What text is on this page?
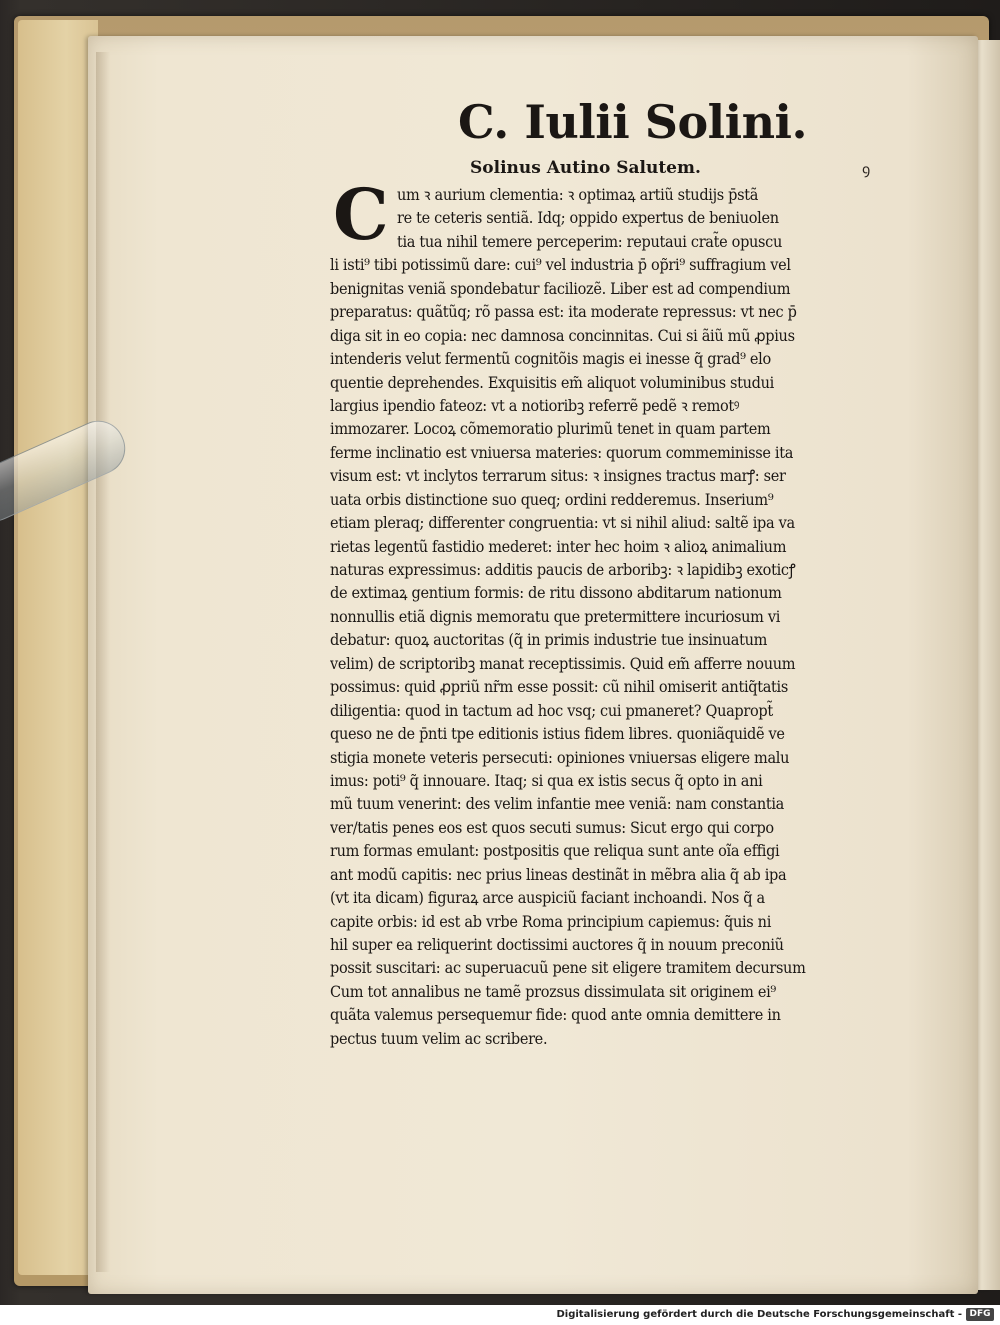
C. Iulii Solini.

Solinus Autino Salutem.	ꝯ

C um ꝛ aurium clementia: ꝛ optimaꝝ artiũ studijs p̄stã
re te ceteris sentiã. Idq; oppido expertus de beniuolen
tia tua nihil temere perceperim: reputaui crat̃e opuscu
li isti⁹ tibi potissimũ dare: cui⁹ vel industria p̄ op̃ri⁹ suffragium vel
benignitas veniã spondebatur faciliozẽ. Liber est ad compendium
preparatus: quãtũq; rõ passa est: ita moderate repressus: vt nec p̄
diga sit in eo copia: nec damnosa concinnitas. Cui si ãiũ mũ ꝓpius
intenderis velut fermentũ cognitõis magis ei inesse q̃ grad⁹ elo
quentie deprehendes. Exquisitis em̃ aliquot voluminibus studui
largius ipendio fateoz: vt a notioribꝫ referrẽ pedẽ ꝛ remotꝰ
immozarer. Locoꝝ cõmemoratio plurimũ tenet in quam partem
ferme inclinatio est vniuersa materies: quorum commeminisse ita
visum est: vt inclytos terrarum situs: ꝛ insignes tractus marꝭ: ser
uata orbis distinctione suo queq; ordini redderemus. Inserium⁹
etiam pleraq; differenter congruentia: vt si nihil aliud: saltẽ ipa va
rietas legentũ fastidio mederet: inter hec hoim ꝛ alioꝝ animalium
naturas expressimus: additis paucis de arboribꝫ: ꝛ lapidibꝫ exoticꝭ
de extimaꝝ gentium formis: de ritu dissono abditarum nationum
nonnullis etiã dignis memoratu que pretermittere incuriosum vi
debatur: quoꝝ auctoritas (q̃ in primis industrie tue insinuatum
velim) de scriptoribꝫ manat receptissimis. Quid em̃ afferre nouum
possimus: quid ꝓpriũ nr̃m esse possit: cũ nihil omiserit antiq̃tatis
diligentia: quod in tactum ad hoc vsq; cui pmaneret? Quapropt̃
queso ne de p̄nti tpe editionis istius fidem libres. quoniãquidẽ ve
stigia monete veteris persecuti: opiniones vniuersas eligere malu
imus: poti⁹ q̃ innouare. Itaq; si qua ex istis secus q̃ opto in ani
mũ tuum venerint: des velim infantie mee veniã: nam constantia
ver/tatis penes eos est quos secuti sumus: Sicut ergo qui corpo
rum formas emulant: postpositis que reliqua sunt ante oĩa effigi
ant modũ capitis: nec prius lineas destinãt in mẽbra alia q̃ ab ipa
(vt ita dicam) figuraꝝ arce auspiciũ faciant inchoandi. Nos q̃ a
capite orbis: id est ab vrbe Roma principium capiemus: q̃uis ni
hil super ea reliquerint doctissimi auctores q̃ in nouum preconiũ
possit suscitari: ac superuacuũ pene sit eligere tramitem decursum
Cum tot annalibus ne tamẽ prozsus dissimulata sit originem ei⁹
quãta valemus persequemur fide: quod ante omnia demittere in
pectus tuum velim ac scribere.

Digitalisierung gefördert durch die Deutsche Forschungsgemeinschaft - DFG
